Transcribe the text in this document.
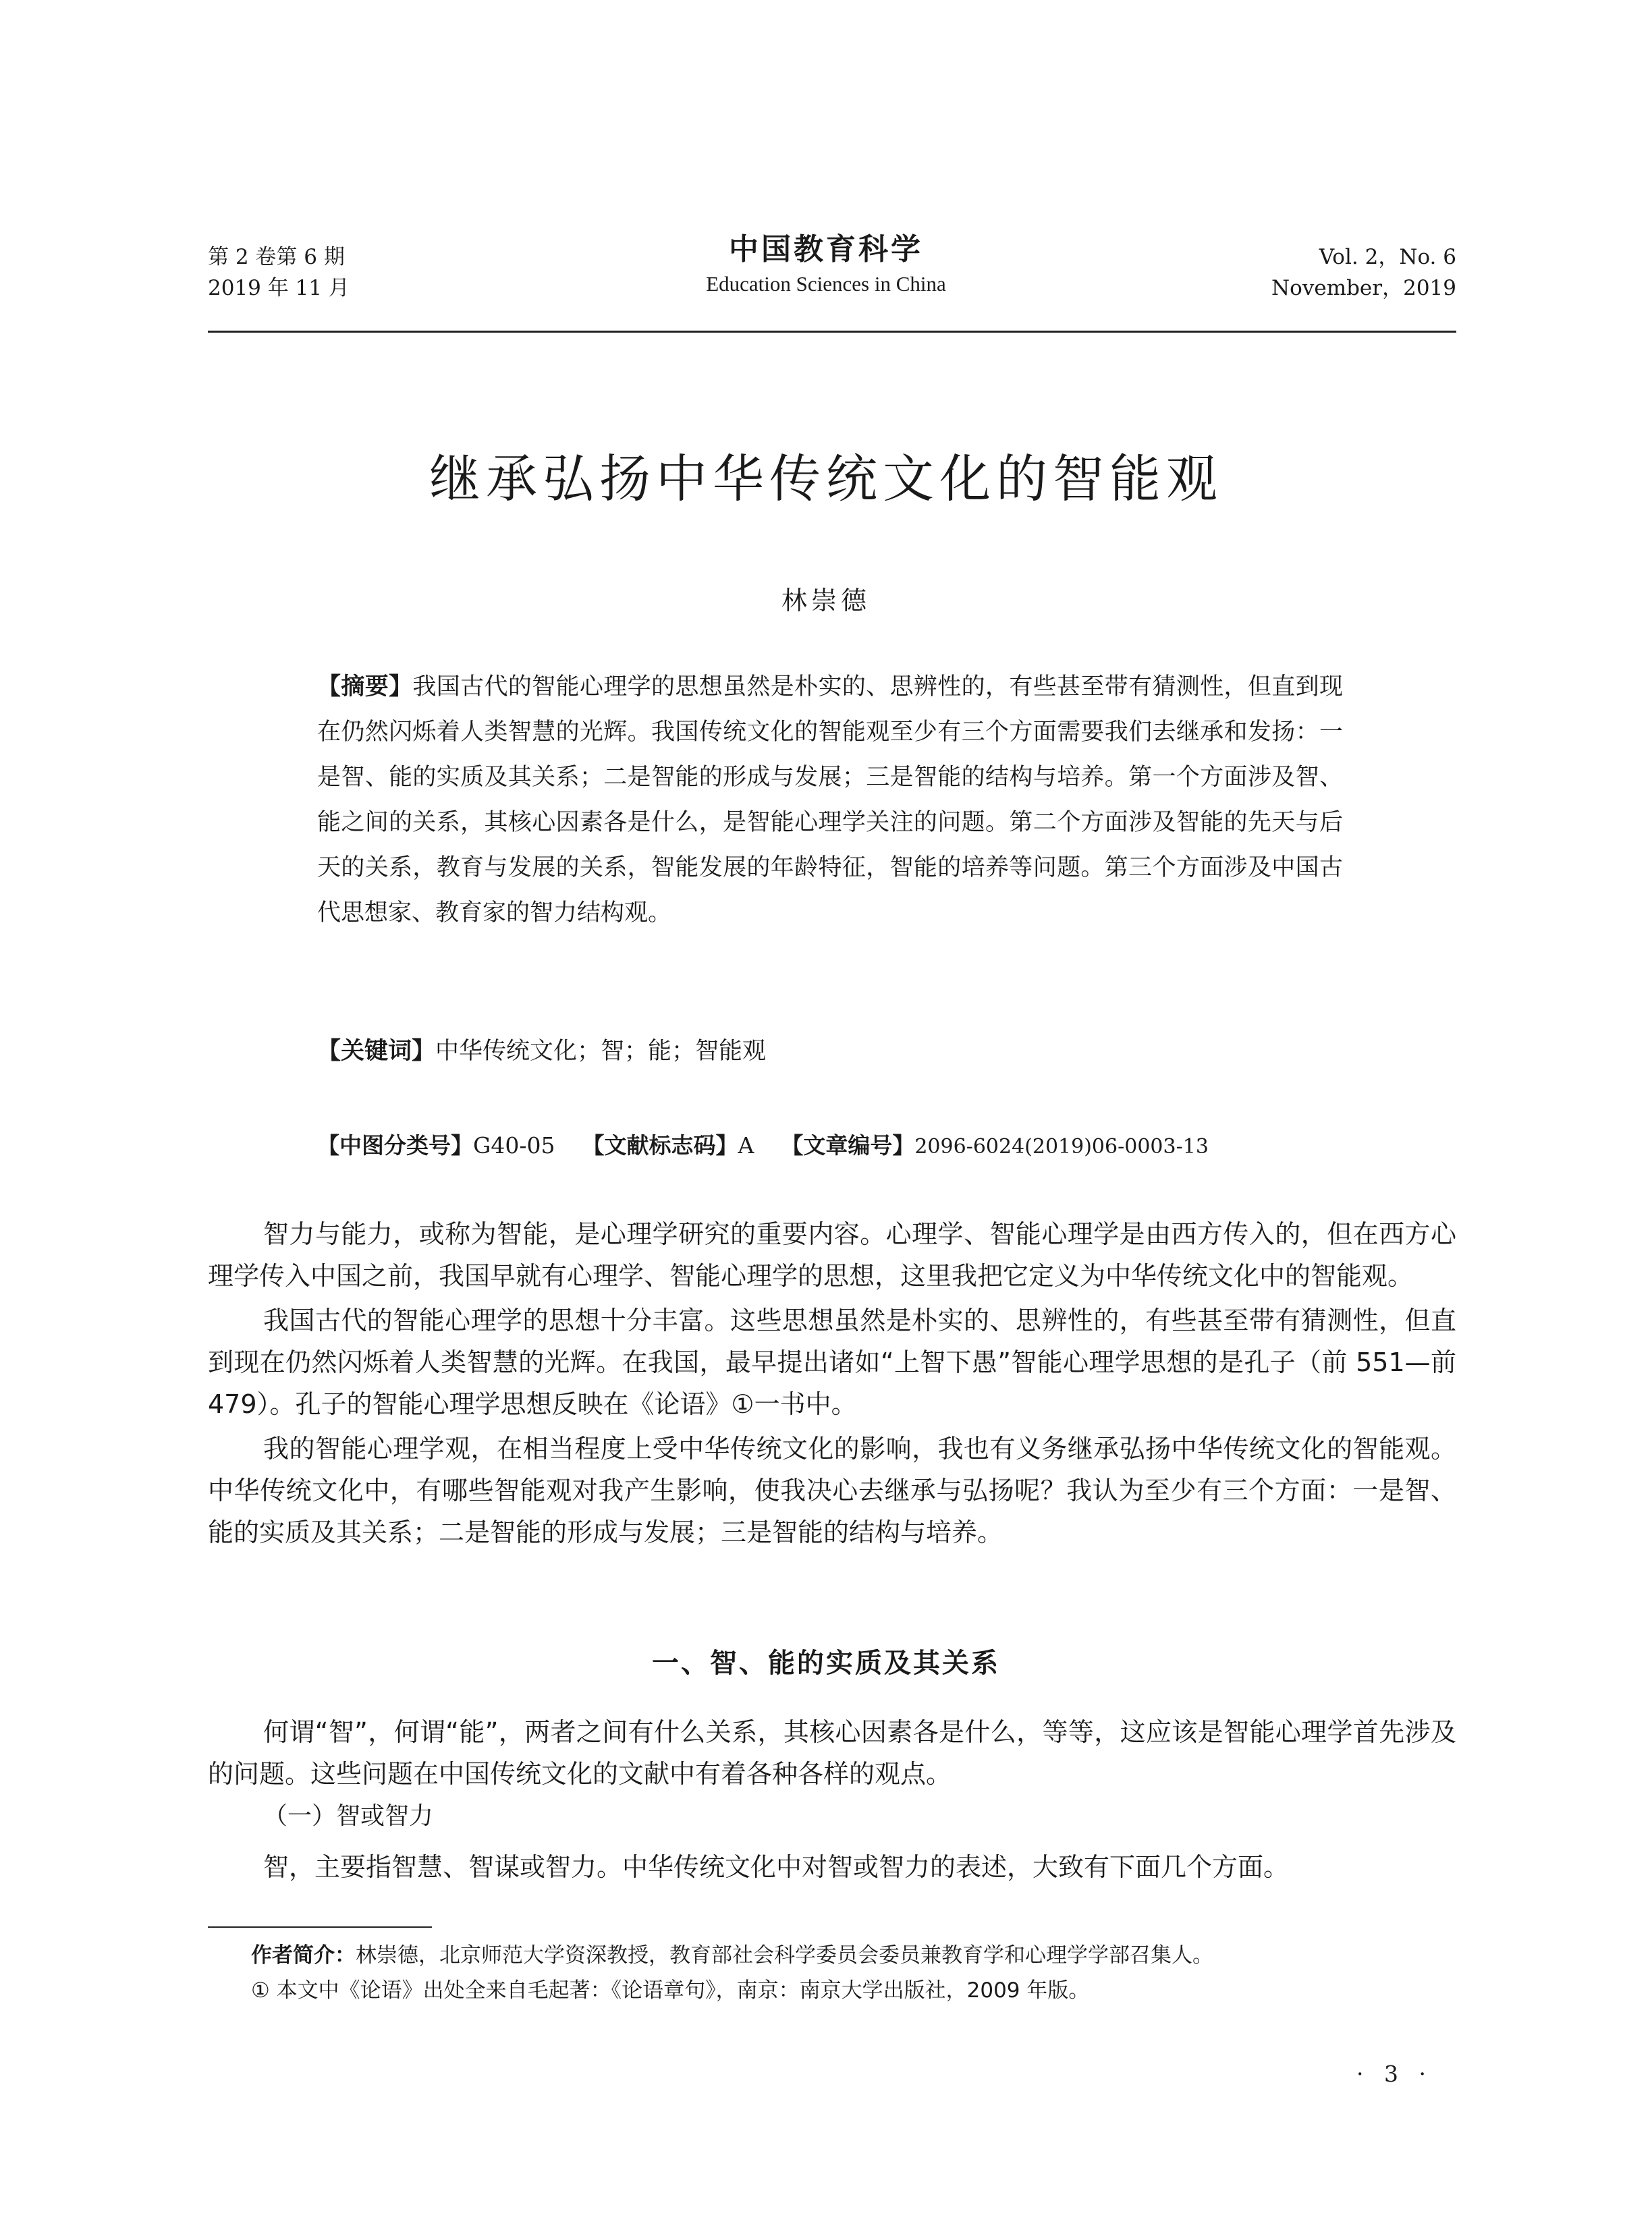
第 2 卷第 6 期
2019 年 11 月
中国教育科学
Education Sciences in China
Vol. 2，No. 6
November，2019
继承弘扬中华传统文化的智能观
林崇德
【摘要】我国古代的智能心理学的思想虽然是朴实的、思辨性的，有些甚至带有猜测性，但直到现在仍然闪烁着人类智慧的光辉。我国传统文化的智能观至少有三个方面需要我们去继承和发扬：一是智、能的实质及其关系；二是智能的形成与发展；三是智能的结构与培养。第一个方面涉及智、能之间的关系，其核心因素各是什么，是智能心理学关注的问题。第二个方面涉及智能的先天与后天的关系，教育与发展的关系，智能发展的年龄特征，智能的培养等问题。第三个方面涉及中国古代思想家、教育家的智力结构观。
【关键词】中华传统文化；智；能；智能观
【中图分类号】G40-05 【文献标志码】A 【文章编号】2096-6024(2019)06-0003-13

智力与能力，或称为智能，是心理学研究的重要内容。心理学、智能心理学是由西方传入的，但在西方心理学传入中国之前，我国早就有心理学、智能心理学的思想，这里我把它定义为中华传统文化中的智能观。

我国古代的智能心理学的思想十分丰富。这些思想虽然是朴实的、思辨性的，有些甚至带有猜测性，但直到现在仍然闪烁着人类智慧的光辉。在我国，最早提出诸如“上智下愚”智能心理学思想的是孔子（前 551—前 479）。孔子的智能心理学思想反映在《论语》①一书中。

我的智能心理学观，在相当程度上受中华传统文化的影响，我也有义务继承弘扬中华传统文化的智能观。中华传统文化中，有哪些智能观对我产生影响，使我决心去继承与弘扬呢？我认为至少有三个方面：一是智、能的实质及其关系；二是智能的形成与发展；三是智能的结构与培养。

一、智、能的实质及其关系

何谓“智”，何谓“能”，两者之间有什么关系，其核心因素各是什么，等等，这应该是智能心理学首先涉及的问题。这些问题在中国传统文化的文献中有着各种各样的观点。

（一）智或智力

智，主要指智慧、智谋或智力。中华传统文化中对智或智力的表述，大致有下面几个方面。

作者简介：林崇德，北京师范大学资深教授，教育部社会科学委员会委员兼教育学和心理学学部召集人。
① 本文中《论语》出处全来自毛起著：《论语章句》，南京：南京大学出版社，2009 年版。
· 3 ·
